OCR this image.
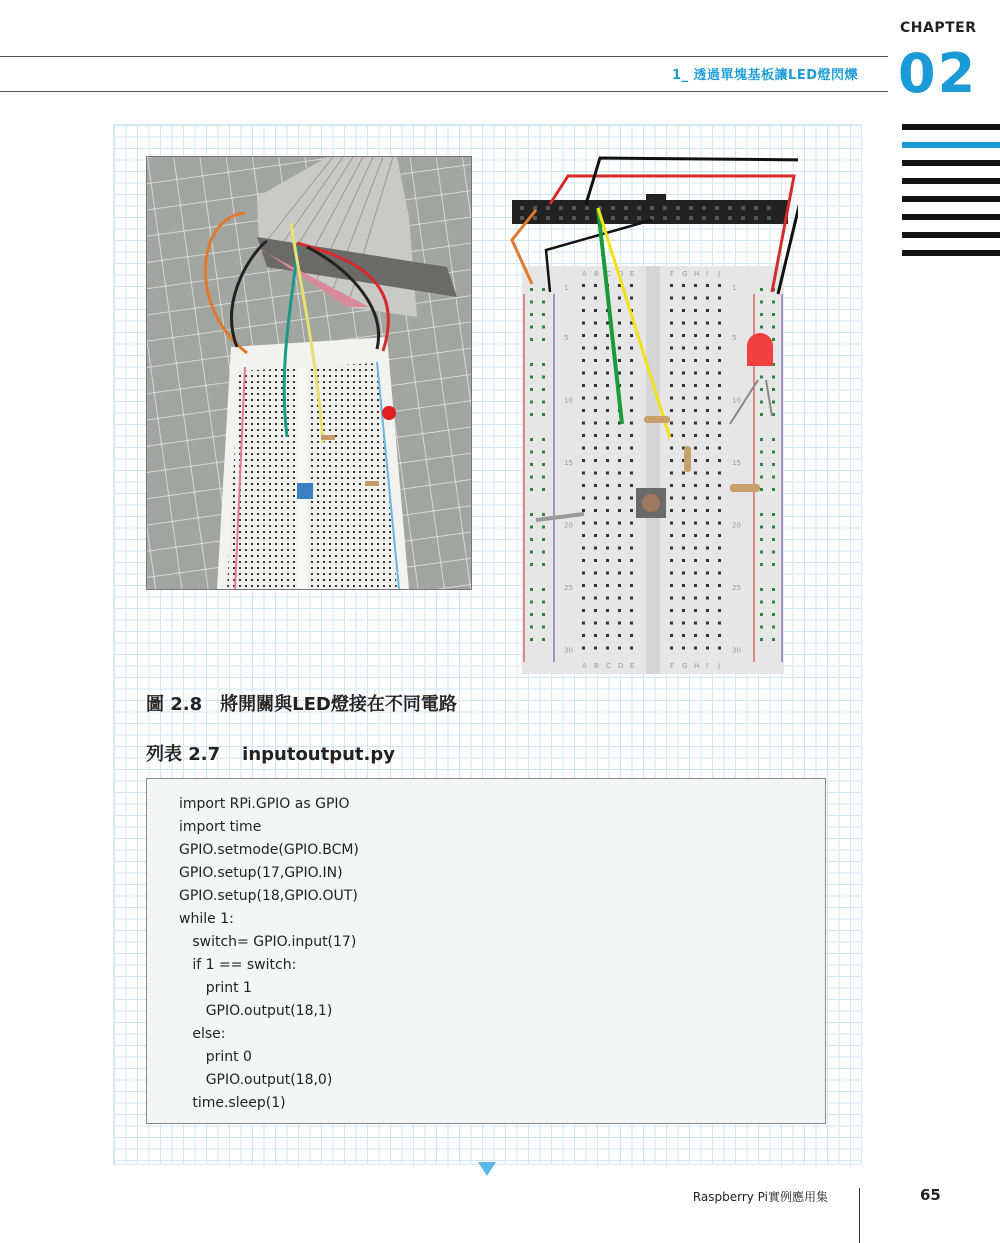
1_ 透過單塊基板讓LED燈閃爍
CHAPTER
02
1	1
5	5
10	10
15	15
20	20
25	25
30	30
A
A
B
B
C
C
D
D
E
E
F
F
G
G
H
H
I
I
J
J
圖 2.8 將開關與LED燈接在不同電路
列表 2.7 inputoutput.py
import RPi.GPIO as GPIO
import time
GPIO.setmode(GPIO.BCM)
GPIO.setup(17,GPIO.IN)
GPIO.setup(18,GPIO.OUT)
while 1:
switch= GPIO.input(17)
if 1 == switch:
print 1
GPIO.output(18,1)
else:
print 0
GPIO.output(18,0)
time.sleep(1)
Raspberry Pi實例應用集	65
